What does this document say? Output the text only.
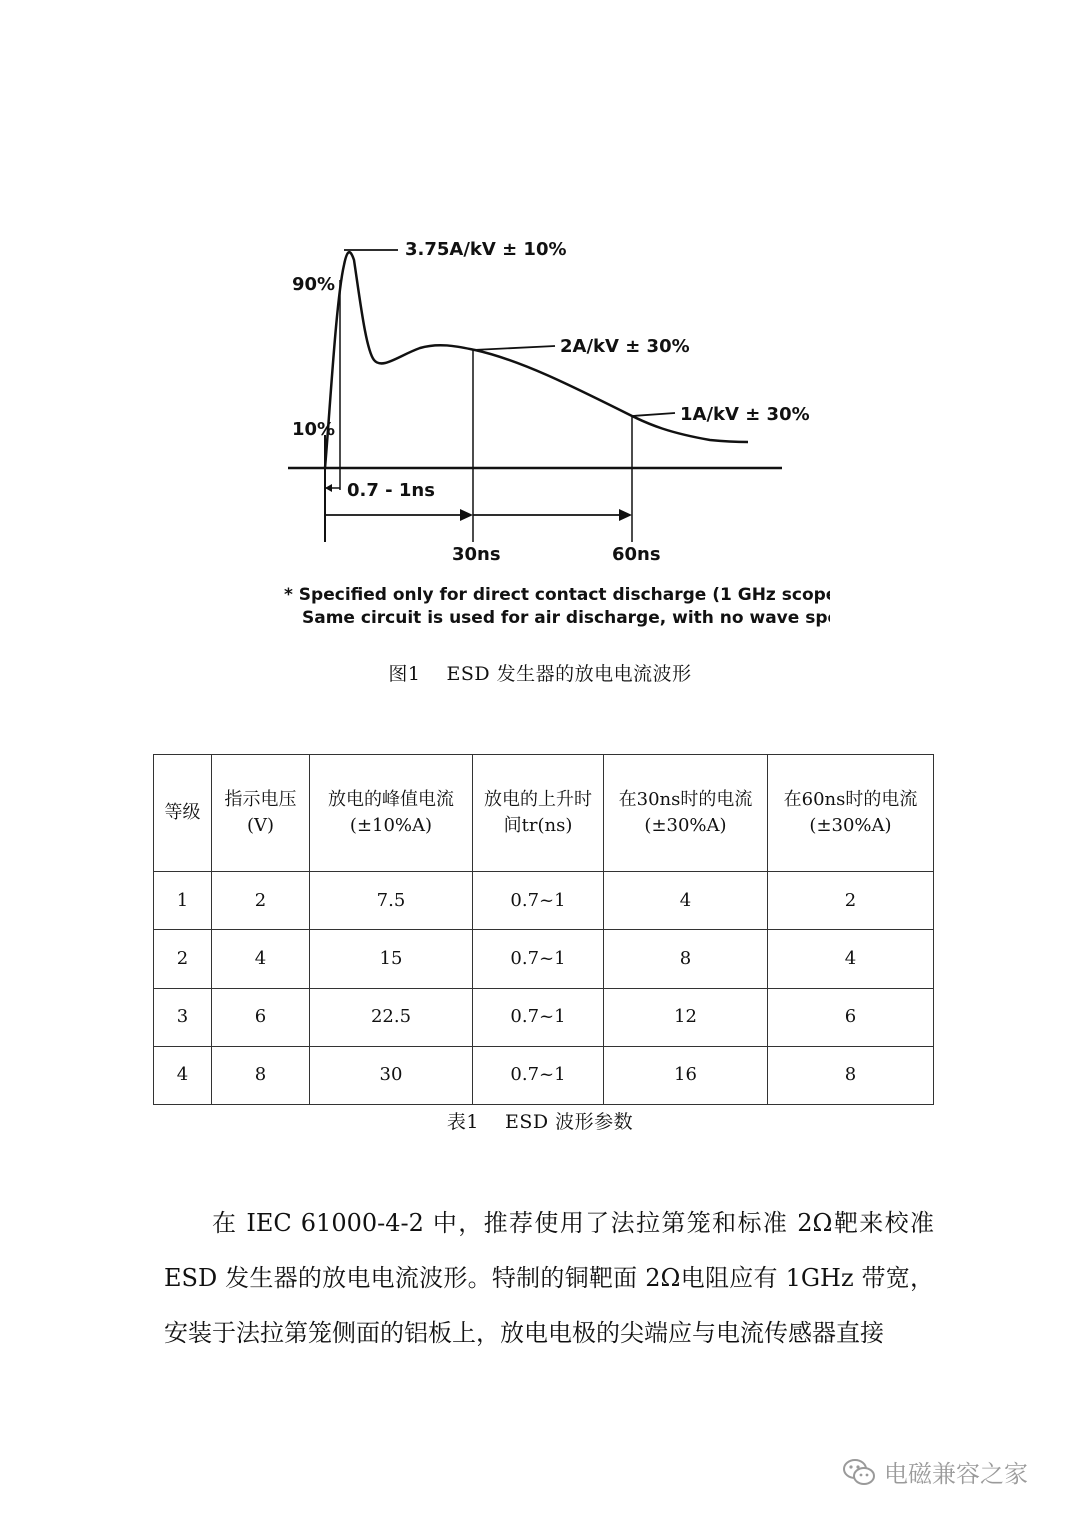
3.75A/kV ± 10%
2A/kV ± 30%
1A/kV ± 30%
90%
10%
0.7 - 1ns
30ns	60ns
* Specified only for direct contact discharge (1 GHz scope)
Same circuit is used for air discharge, with no wave spec
图1　 ESD 发生器的放电电流波形
等级	指示电压(V)	放电的峰值电流(±10%A)	放电的上升时间tr(ns)	在30ns时的电流(±30%A)	在60ns时的电流(±30%A)
1	2	7.5	0.7~1	4	2
2	4	15	0.7~1	8	4
3	6	22.5	0.7~1	12	6
4	8	30	0.7~1	16	8
表1　 ESD 波形参数

在 IEC 61000-4-2 中，推荐使用了法拉第笼和标准 2Ω靶来校准 ESD 发生器的放电电流波形。特制的铜靶面 2Ω电阻应有 1GHz 带宽，安装于法拉第笼侧面的铝板上，放电电极的尖端应与电流传感器直接

电磁兼容之家
